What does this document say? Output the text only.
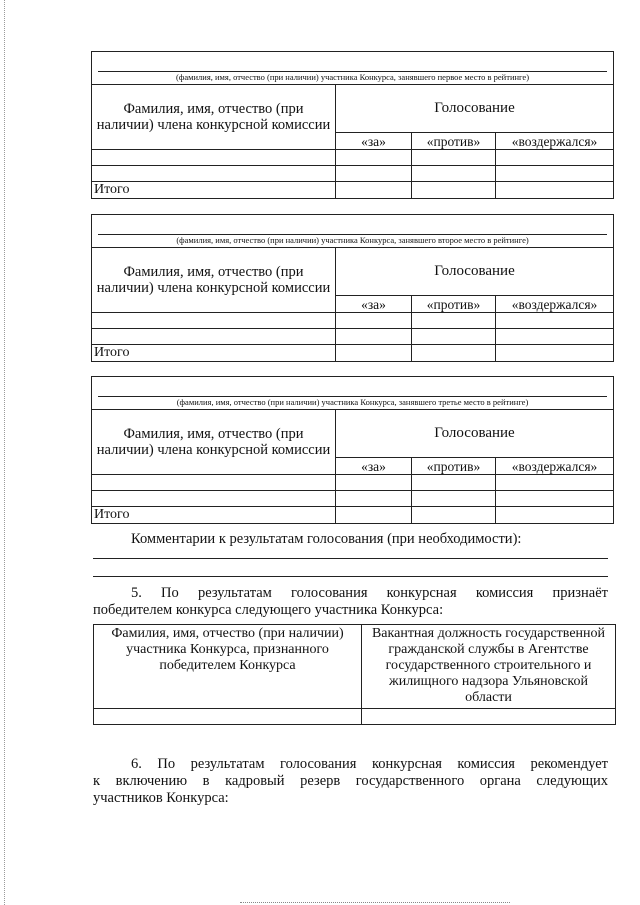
(фамилия, имя, отчество (при наличии) участника Конкурса, занявшего первое место в рейтинге)			

Фамилия, имя, отчество (при наличии) члена конкурсной комиссии	Голосование		
	«за»	«против»	«воздержался»

Итого			
(фамилия, имя, отчество (при наличии) участника Конкурса, занявшего второе место в рейтинге)			

Фамилия, имя, отчество (при наличии) члена конкурсной комиссии	Голосование		
	«за»	«против»	«воздержался»

Итого			
(фамилия, имя, отчество (при наличии) участника Конкурса, занявшего третье место в рейтинге)			

Фамилия, имя, отчество (при наличии) члена конкурсной комиссии	Голосование		
	«за»	«против»	«воздержался»

Итого			
Комментарии к результатам голосования (при необходимости):
5. По результатам голосования конкурсная комиссия признаёт
победителем конкурса следующего участника Конкурса:
Фамилия, имя, отчество (при наличии) участника Конкурса, признанного победителем Конкурса	Вакантная должность государственной гражданской службы в Агентстве государственного строительного и жилищного надзора Ульяновской области

6. По результатам голосования конкурсная комиссия рекомендует
к включению в кадровый резерв государственного органа следующих
участников Конкурса:
